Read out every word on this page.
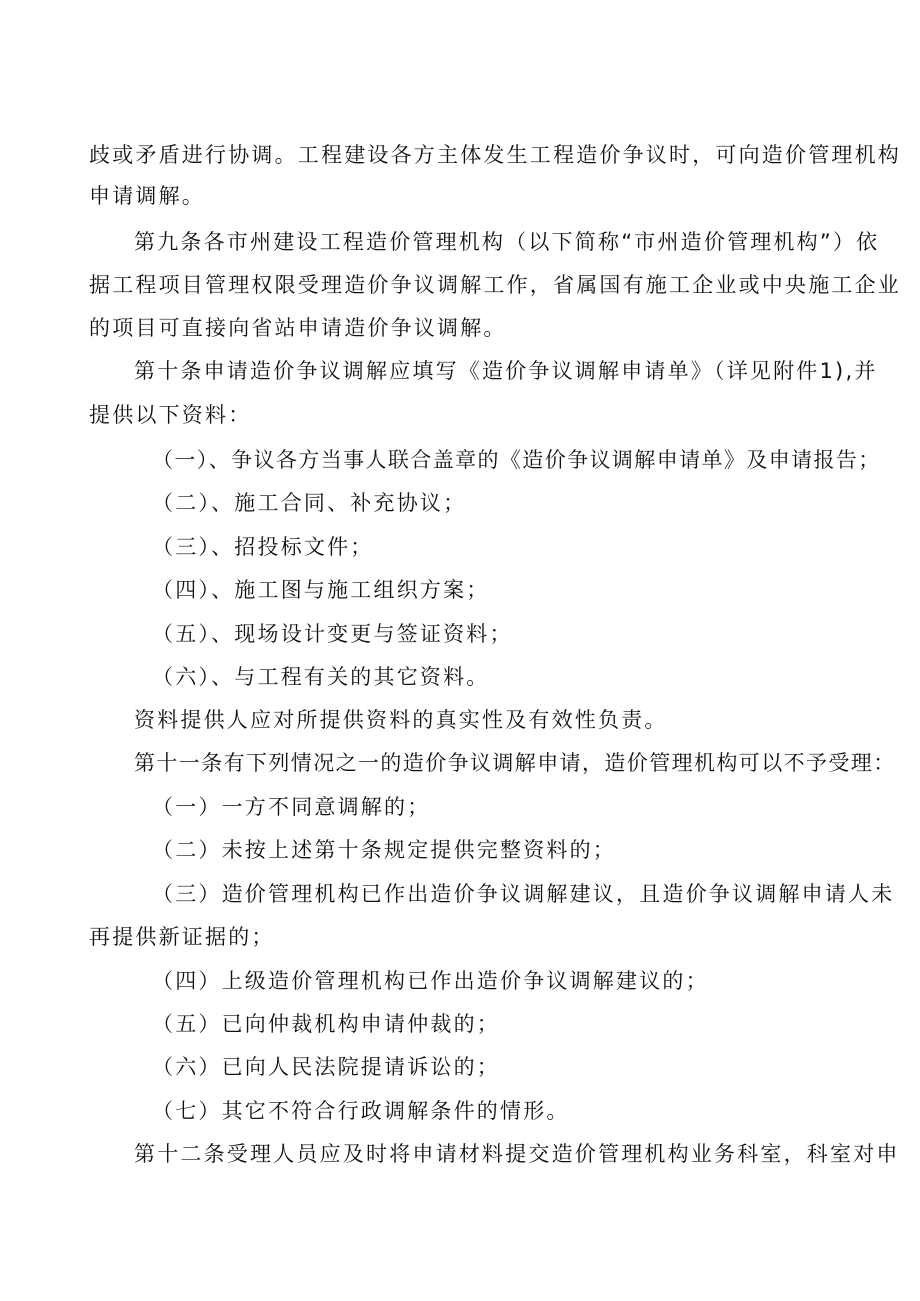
歧或矛盾进行协调。工程建设各方主体发生工程造价争议时，可向造价管理机构
申请调解。
第九条各市州建设工程造价管理机构（以下简称“市州造价管理机构”）依
据工程项目管理权限受理造价争议调解工作，省属国有施工企业或中央施工企业
的项目可直接向省站申请造价争议调解。
第十条申请造价争议调解应填写《造价争议调解申请单》（详见附件1),并
提供以下资料：
（一）、争议各方当事人联合盖章的《造价争议调解申请单》及申请报告；
（二）、施工合同、补充协议；
（三）、招投标文件；
（四）、施工图与施工组织方案；
（五）、现场设计变更与签证资料；
（六）、与工程有关的其它资料。
资料提供人应对所提供资料的真实性及有效性负责。
第十一条有下列情况之一的造价争议调解申请，造价管理机构可以不予受理：
（一）一方不同意调解的；
（二）未按上述第十条规定提供完整资料的；
（三）造价管理机构已作出造价争议调解建议，且造价争议调解申请人未
再提供新证据的；
（四）上级造价管理机构已作出造价争议调解建议的；
（五）已向仲裁机构申请仲裁的；
（六）已向人民法院提请诉讼的；
（七）其它不符合行政调解条件的情形。
第十二条受理人员应及时将申请材料提交造价管理机构业务科室，科室对申
